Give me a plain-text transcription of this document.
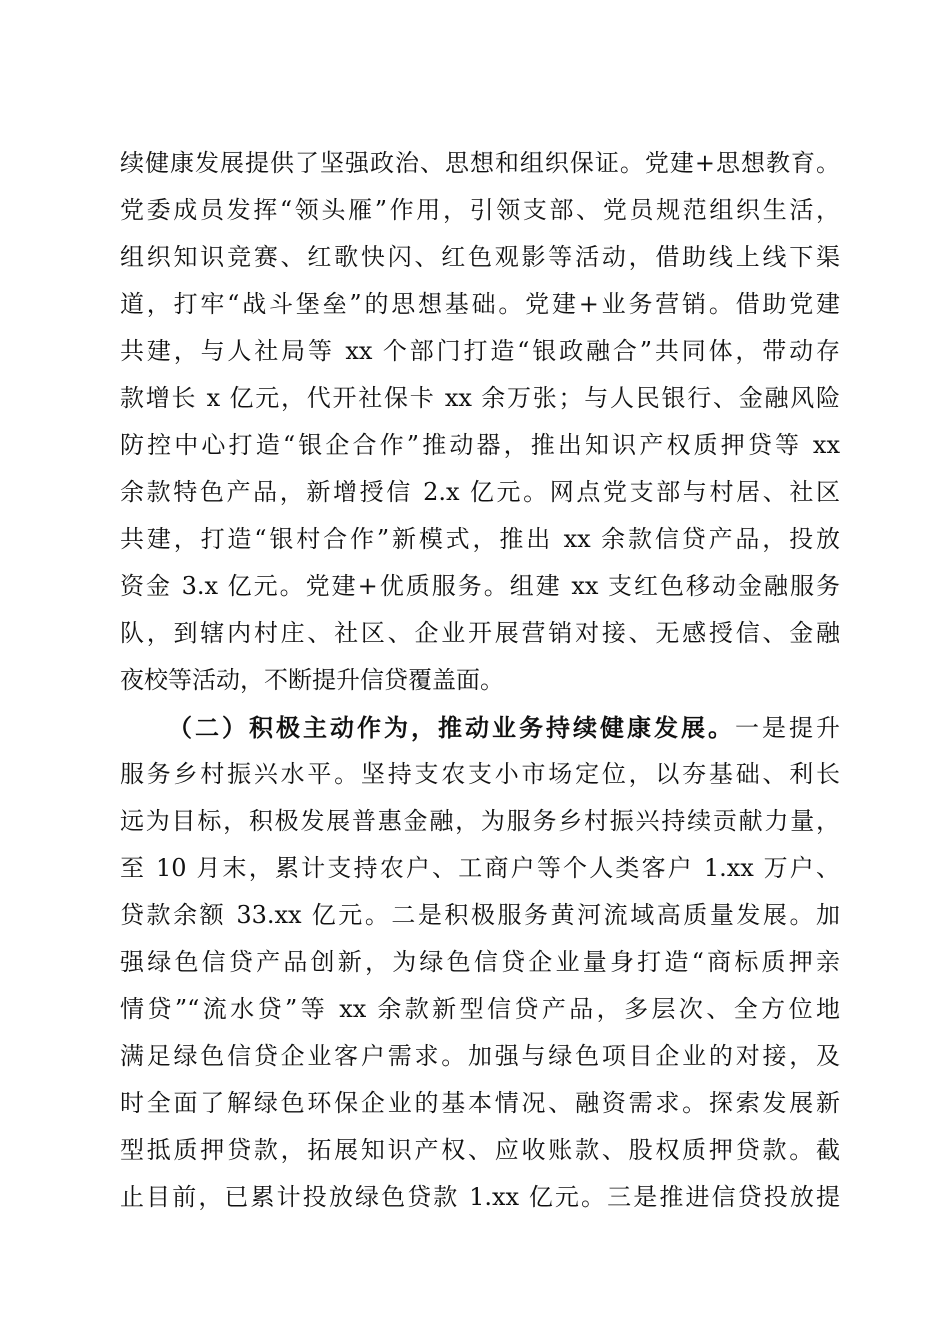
续健康发展提供了坚强政治、思想和组织保证。党建+思想教育。
党委成员发挥“领头雁”作用，引领支部、党员规范组织生活，
组织知识竞赛、红歌快闪、红色观影等活动，借助线上线下渠
道，打牢“战斗堡垒”的思想基础。党建+业务营销。借助党建
共建，与人社局等 xx 个部门打造“银政融合”共同体，带动存
款增长 x 亿元，代开社保卡 xx 余万张；与人民银行、金融风险
防控中心打造“银企合作”推动器，推出知识产权质押贷等 xx
余款特色产品，新增授信 2.x 亿元。网点党支部与村居、社区
共建，打造“银村合作”新模式，推出 xx 余款信贷产品，投放
资金 3.x 亿元。党建+优质服务。组建 xx 支红色移动金融服务
队，到辖内村庄、社区、企业开展营销对接、无感授信、金融
夜校等活动，不断提升信贷覆盖面。
（二）积极主动作为，推动业务持续健康发展。一是提升
服务乡村振兴水平。坚持支农支小市场定位，以夯基础、利长
远为目标，积极发展普惠金融，为服务乡村振兴持续贡献力量，
至 10 月末，累计支持农户、工商户等个人类客户 1.xx 万户、
贷款余额 33.xx 亿元。二是积极服务黄河流域高质量发展。加
强绿色信贷产品创新，为绿色信贷企业量身打造“商标质押亲
情贷”“流水贷”等 xx 余款新型信贷产品，多层次、全方位地
满足绿色信贷企业客户需求。加强与绿色项目企业的对接，及
时全面了解绿色环保企业的基本情况、融资需求。探索发展新
型抵质押贷款，拓展知识产权、应收账款、股权质押贷款。截
止目前，已累计投放绿色贷款 1.xx 亿元。三是推进信贷投放提
